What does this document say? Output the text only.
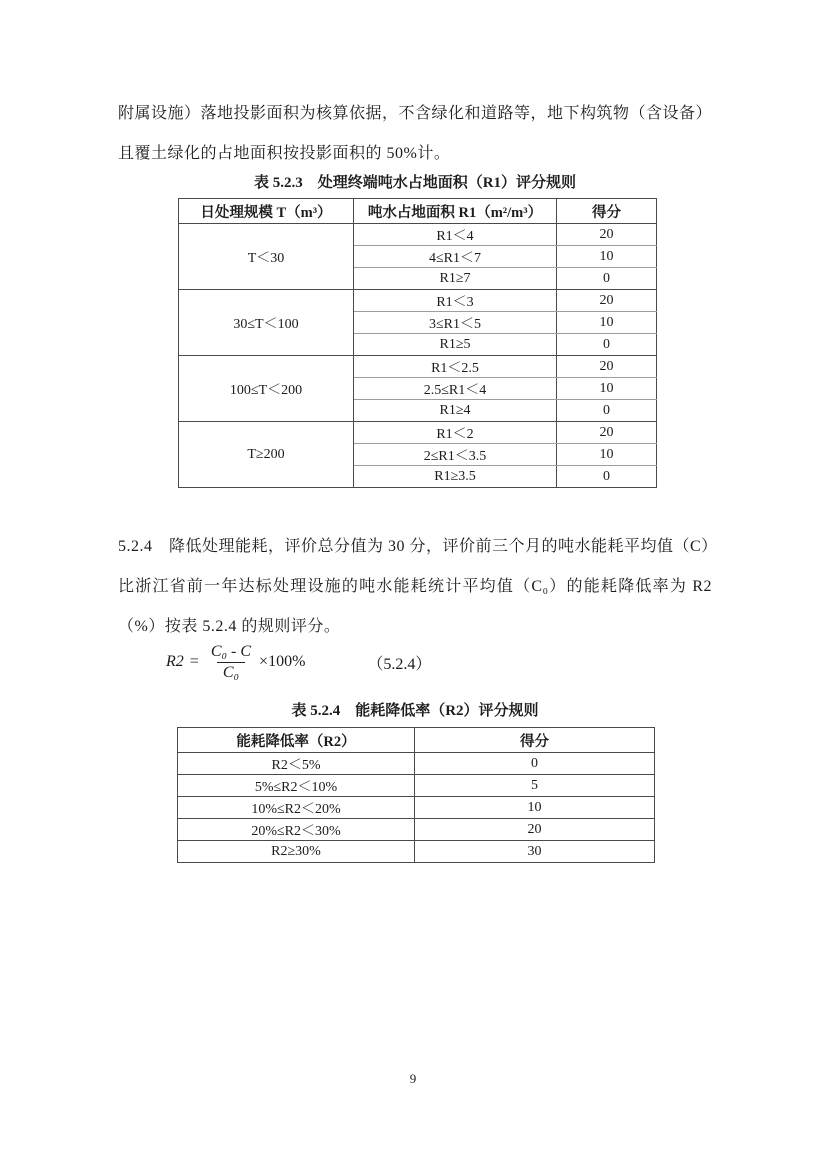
附属设施）落地投影面积为核算依据，不含绿化和道路等，地下构筑物（含设备）
且覆土绿化的占地面积按投影面积的 50%计。
表 5.2.3　处理终端吨水占地面积（R1）评分规则
日处理规模 T（m³）	吨水占地面积 R1（m²/m³）	得分
T＜30	R1＜4	20
	4≤R1＜7	10
	R1≥7	0
30≤T＜100	R1＜3	20
	3≤R1＜5	10
	R1≥5	0
100≤T＜200	R1＜2.5	20
	2.5≤R1＜4	10
	R1≥4	0
T≥200	R1＜2	20
	2≤R1＜3.5	10
	R1≥3.5	0
5.2.4　降低处理能耗，评价总分值为 30 分，评价前三个月的吨水能耗平均值（C）
比浙江省前一年达标处理设施的吨水能耗统计平均值（C₀）的能耗降低率为 R2
（%）按表 5.2.4 的规则评分。
$R2 = \frac{\text{C₀ - C}}{\text{C₀}} \times 100\%$	（5.2.4）
表 5.2.4　能耗降低率（R2）评分规则
能耗降低率（R2）	得分
R2＜5%	0
5%≤R2＜10%	5
10%≤R2＜20%	10
20%≤R2＜30%	20
R2≥30%	30
9
